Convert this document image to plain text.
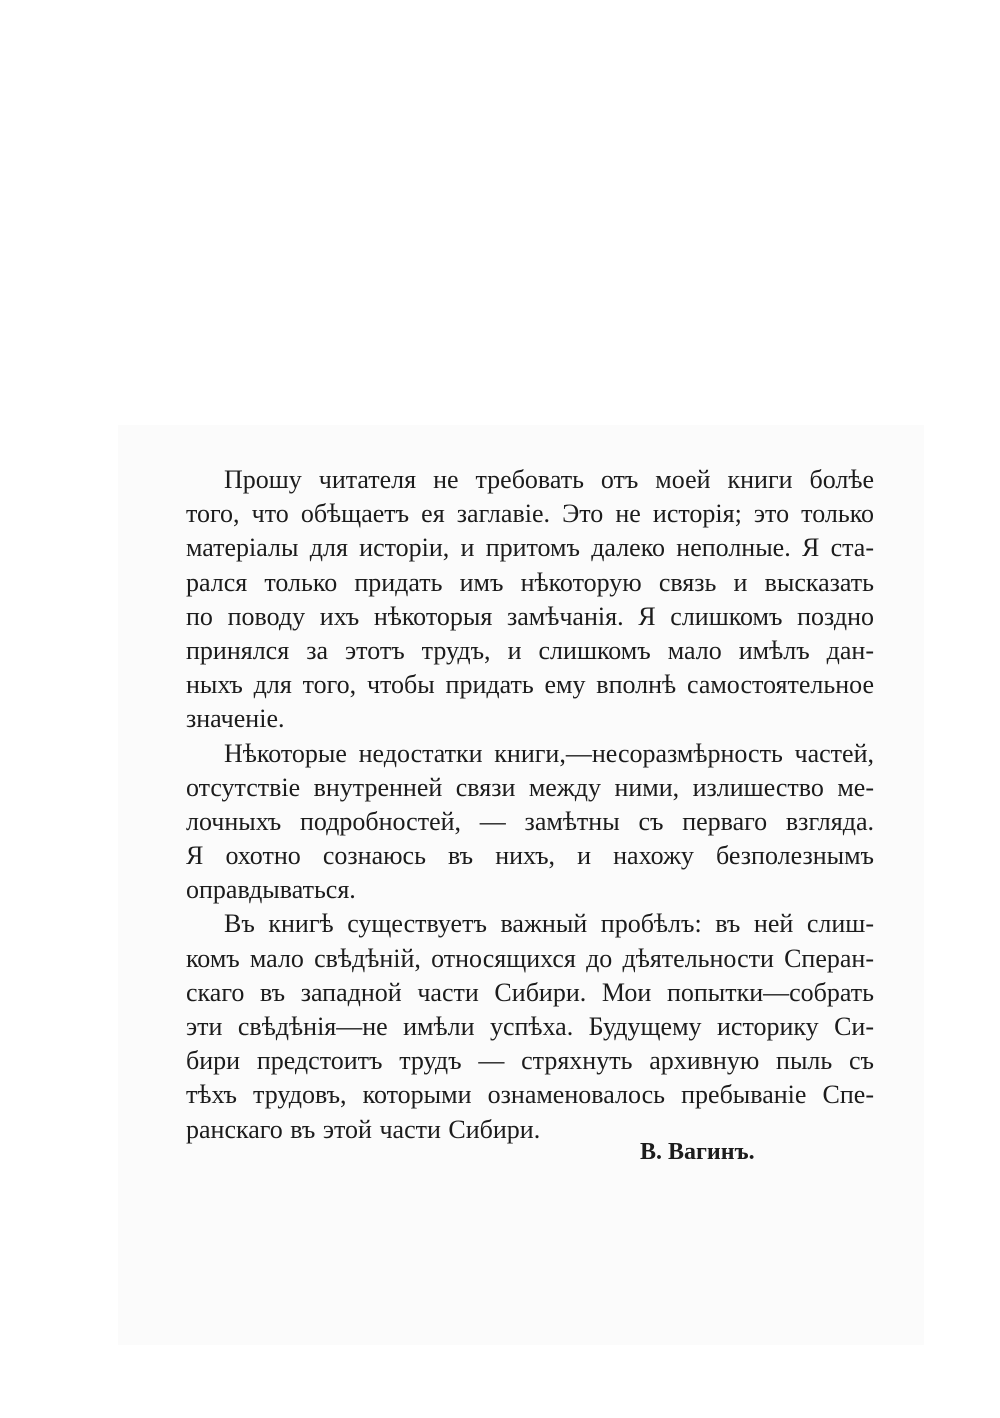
Прошу читателя не требовать отъ моей книги болѣе
того, что обѣщаетъ ея заглавіе. Это не исторія; это только
матеріалы для исторіи, и притомъ далеко неполные. Я ста-
рался только придать имъ нѣкоторую связь и высказать
по поводу ихъ нѣкоторыя замѣчанія. Я слишкомъ поздно
принялся за этотъ трудъ, и слишкомъ мало имѣлъ дан-
ныхъ для того, чтобы придать ему вполнѣ самостоятельное
значеніе.
Нѣкоторые недостатки книги,—несоразмѣрность частей,
отсутствіе внутренней связи между ними, излишество ме-
лочныхъ подробностей, — замѣтны съ перваго взгляда.
Я охотно сознаюсь въ нихъ, и нахожу безполезнымъ
оправдываться.
Въ книгѣ существуетъ важный пробѣлъ: въ ней слиш-
комъ мало свѣдѣній, относящихся до дѣятельности Сперан-
скаго въ западной части Сибири. Мои попытки—собрать
эти свѣдѣнія—не имѣли успѣха. Будущему историку Си-
бири предстоитъ трудъ — стряхнуть архивную пыль съ
тѣхъ трудовъ, которыми ознаменовалось пребываніе Спе-
ранскаго въ этой части Сибири.
В. Вагинъ.
